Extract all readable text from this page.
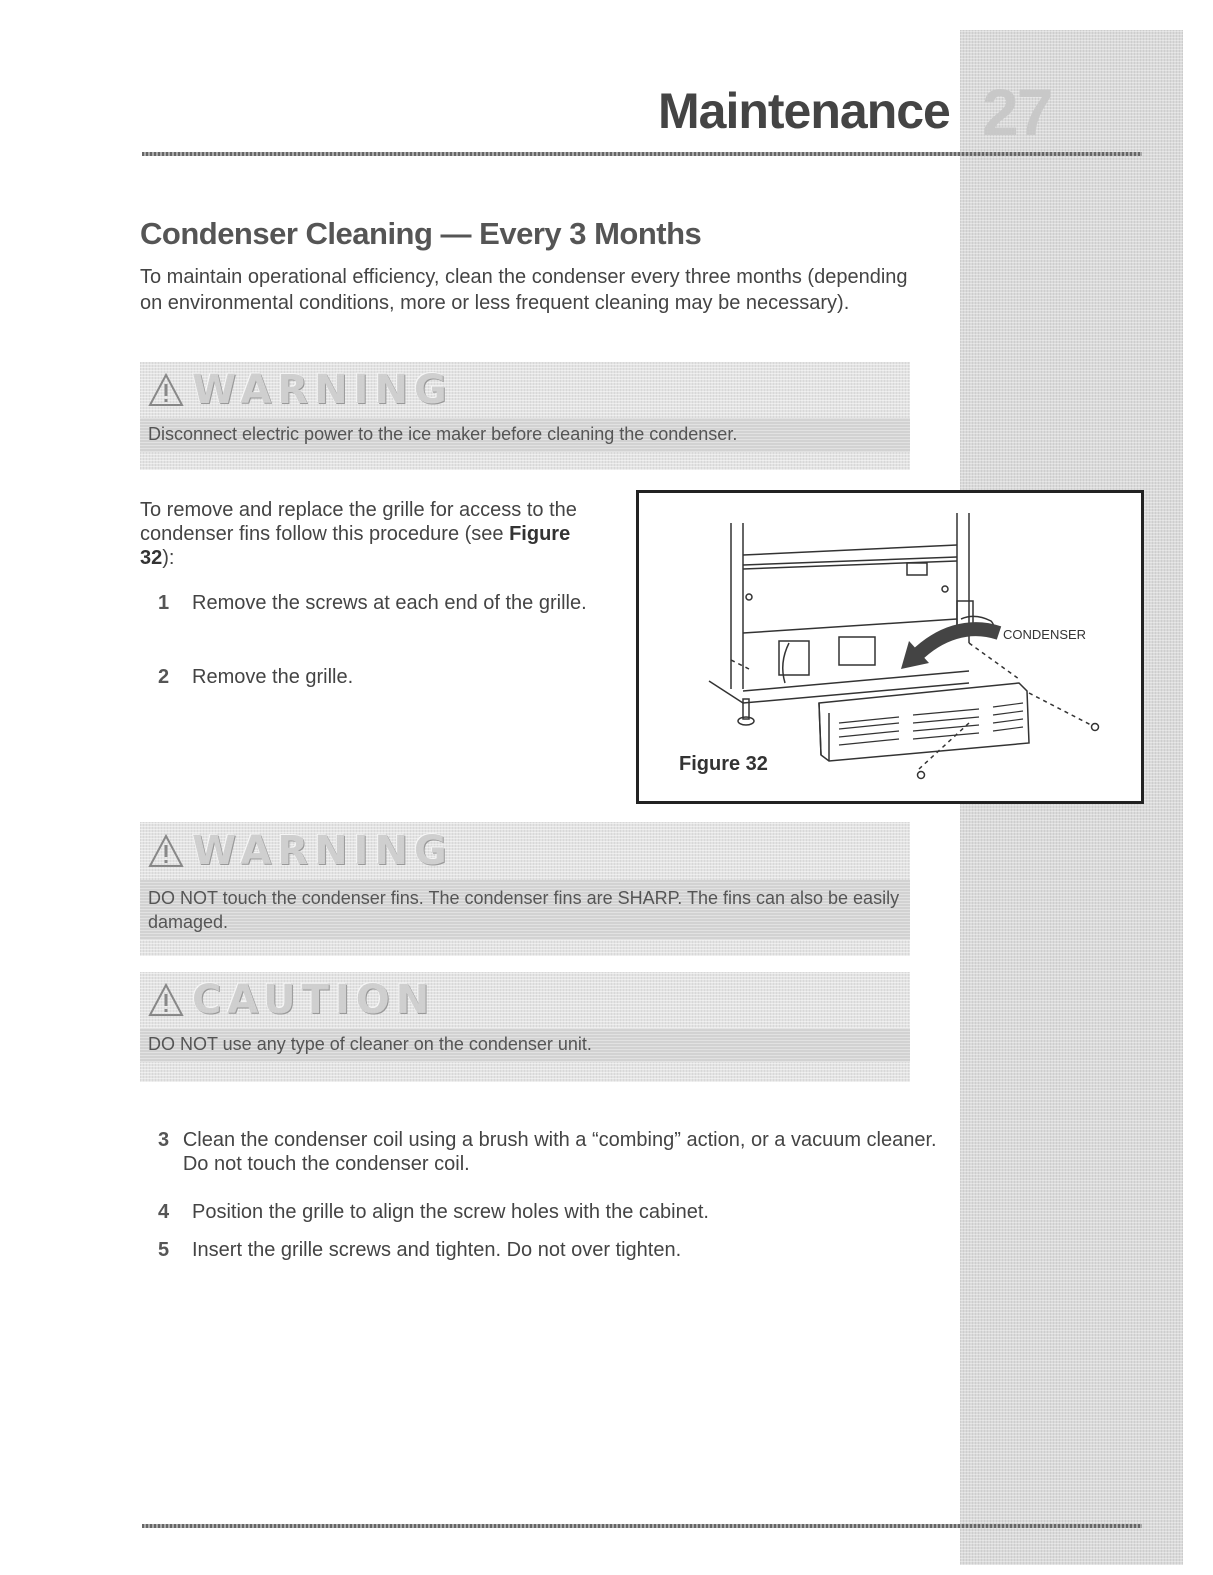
27
Maintenance
Condenser Cleaning — Every 3 Months

To maintain operational efficiency, clean the condenser every three months (depending on environmental conditions, more or less frequent cleaning may be necessary).

WARNING
Disconnect electric power to the ice maker before cleaning the condenser.

To remove and replace the grille for access to the condenser fins follow this procedure (see Figure 32):

1	Remove the screws at each end of the grille.
2	Remove the grille.
CONDENSER
Figure 32
WARNING
DO NOT touch the condenser fins. The condenser fins are SHARP. The fins can also be easily damaged.
CAUTION
DO NOT use any type of cleaner on the condenser unit.
3 Clean the condenser coil using a brush with a “combing” action, or a vacuum cleaner. Do not touch the condenser coil.
4	Position the grille to align the screw holes with the cabinet.
5	Insert the grille screws and tighten. Do not over tighten.
